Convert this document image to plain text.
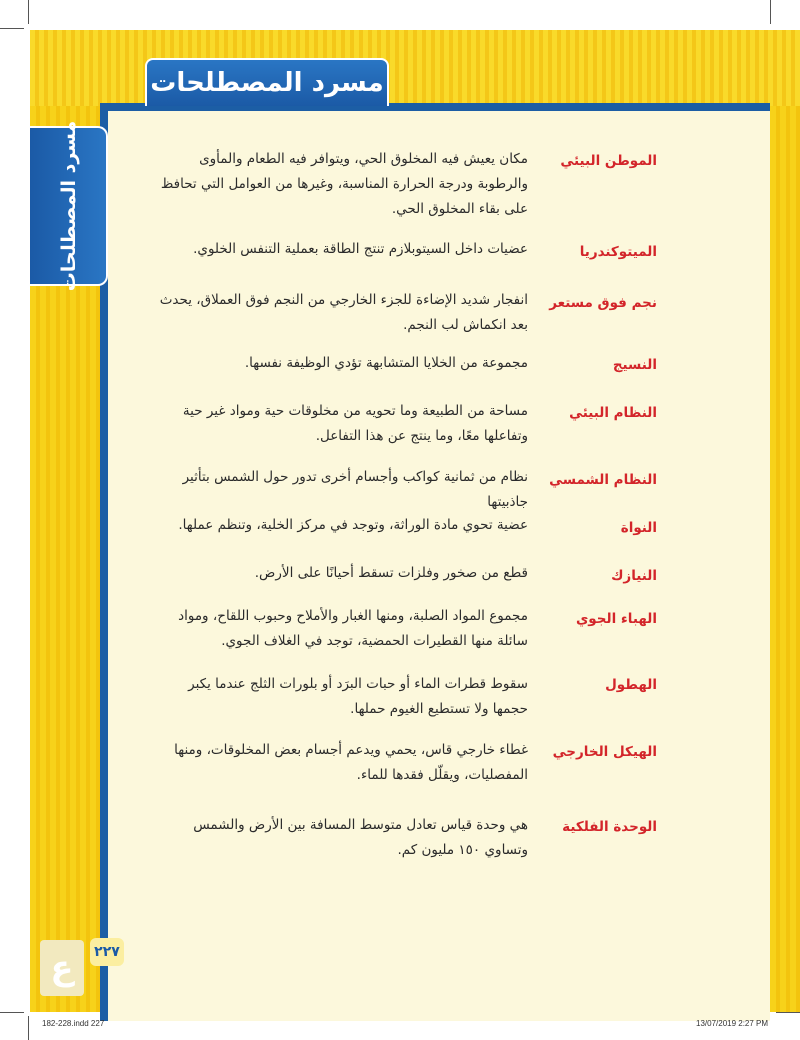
مسرد المصطلحات
مسرد المصطلحات	الموطن البيئي
مكان يعيش فيه المخلوق الحي، ويتوافر فيه الطعام والمأوى والرطوبة ودرجة الحرارة المناسبة، وغيرها من العوامل التي تحافظ على بقاء المخلوق الحي.
الميتوكندريا
عضيات داخل السيتوبلازم تنتج الطاقة بعملية التنفس الخلوي.
نجم فوق مستعر
انفجار شديد الإضاءة للجزء الخارجي من النجم فوق العملاق، يحدث بعد انكماش لب النجم.
النسيج
مجموعة من الخلايا المتشابهة تؤدي الوظيفة نفسها.
النظام البيئي
مساحة من الطبيعة وما تحويه من مخلوقات حية ومواد غير حية وتفاعلها معًا، وما ينتج عن هذا التفاعل.
النظام الشمسي
نظام من ثمانية كواكب وأجسام أخرى تدور حول الشمس بتأثير جاذبيتها
النواة
عضية تحوي مادة الوراثة، وتوجد في مركز الخلية، وتنظم عملها.
النيازك
قطع من صخور وفلزات تسقط أحيانًا على الأرض.
الهباء الجوي
مجموع المواد الصلبة، ومنها الغبار والأملاح وحبوب اللقاح، ومواد سائلة منها القطيرات الحمضية، توجد في الغلاف الجوي.
الهطول
سقوط قطرات الماء أو حبات البرَد أو بلورات الثلج عندما يكبر حجمها ولا تستطيع الغيوم حملها.
الهيكل الخارجي
غطاء خارجي قاس، يحمي ويدعم أجسام بعض المخلوقات، ومنها المفصليات، ويقلّل فقدها للماء.
الوحدة الفلكية
هي وحدة قياس تعادل متوسط المسافة بين الأرض والشمس وتساوي ١٥٠ مليون كم.
ع	٢٢٧
182-228.indd 227	13/07/2019 2:27 PM
